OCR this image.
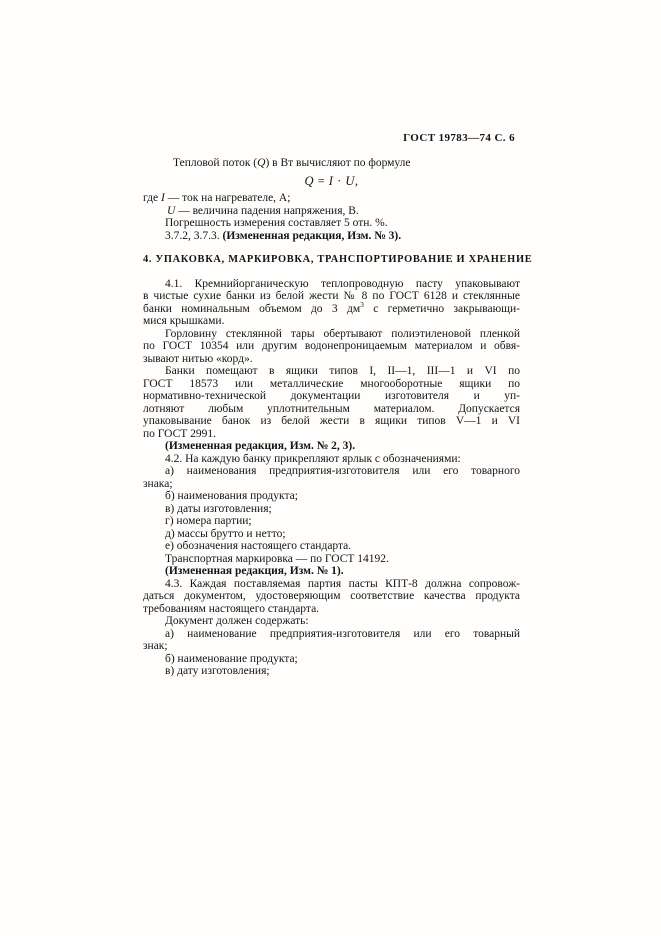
ГОСТ 19783—74 С. 6
Тепловой поток (Q) в Вт вычисляют по формуле
Q = I · U,
где I — ток на нагревателе, А;
U — величина падения напряжения, В.
Погрешность измерения составляет 5 отн. %.
3.7.2, 3.7.3. (Измененная редакция, Изм. № 3).
4. УПАКОВКА, МАРКИРОВКА, ТРАНСПОРТИРОВАНИЕ И ХРАНЕНИЕ
4.1. Кремнийорганическую теплопроводную пасту упаковывают
в чистые сухие банки из белой жести № 8 по ГОСТ 6128 и стеклянные
банки номинальным объемом до 3 $дм^3$ с герметично закрывающи-
мися крышками.
Горловину стеклянной тары обертывают полиэтиленовой пленкой
по ГОСТ 10354 или другим водонепроницаемым материалом и обвя-
зывают нитью «корд».
Банки помещают в ящики типов I, II—1, III—1 и VI по
ГОСТ 18573 или металлические многооборотные ящики по
нормативно-технической документации изготовителя и уп-
лотняют любым уплотнительным материалом. Допускается
упаковывание банок из белой жести в ящики типов V—1 и VI
по ГОСТ 2991.
(Измененная редакция, Изм. № 2, 3).
4.2. На каждую банку прикрепляют ярлык с обозначениями:
а) наименования предприятия-изготовителя или его товарного
знака;
б) наименования продукта;
в) даты изготовления;
г) номера партии;
д) массы брутто и нетто;
е) обозначения настоящего стандарта.
Транспортная маркировка — по ГОСТ 14192.
(Измененная редакция, Изм. № 1).
4.3. Каждая поставляемая партия пасты КПТ-8 должна сопровож-
даться документом, удостоверяющим соответствие качества продукта
требованиям настоящего стандарта.
Документ должен содержать:
а) наименование предприятия-изготовителя или его товарный
знак;
б) наименование продукта;
в) дату изготовления;
